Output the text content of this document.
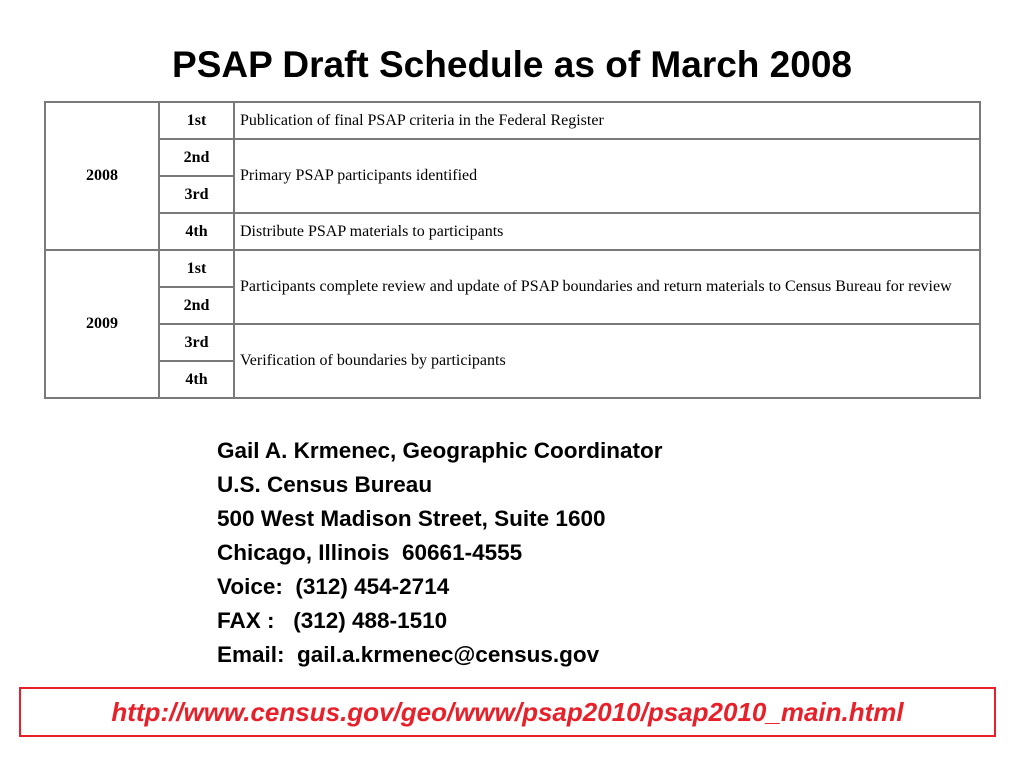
PSAP Draft Schedule as of March 2008
2008	1st	Publication of final PSAP criteria in the Federal Register
	2nd	Primary PSAP participants identified
	3rd	
	4th	Distribute PSAP materials to participants
2009	1st	Participants complete review and update of PSAP boundaries and return materials to Census Bureau for review
	2nd	
	3rd	Verification of boundaries by participants
	4th	
Gail A. Krmenec, Geographic Coordinator
U.S. Census Bureau
500 West Madison Street, Suite 1600
Chicago, Illinois  60661-4555
Voice:  (312) 454-2714
FAX :   (312) 488-1510
Email:  gail.a.krmenec@census.gov
http://www.census.gov/geo/www/psap2010/psap2010_main.html
